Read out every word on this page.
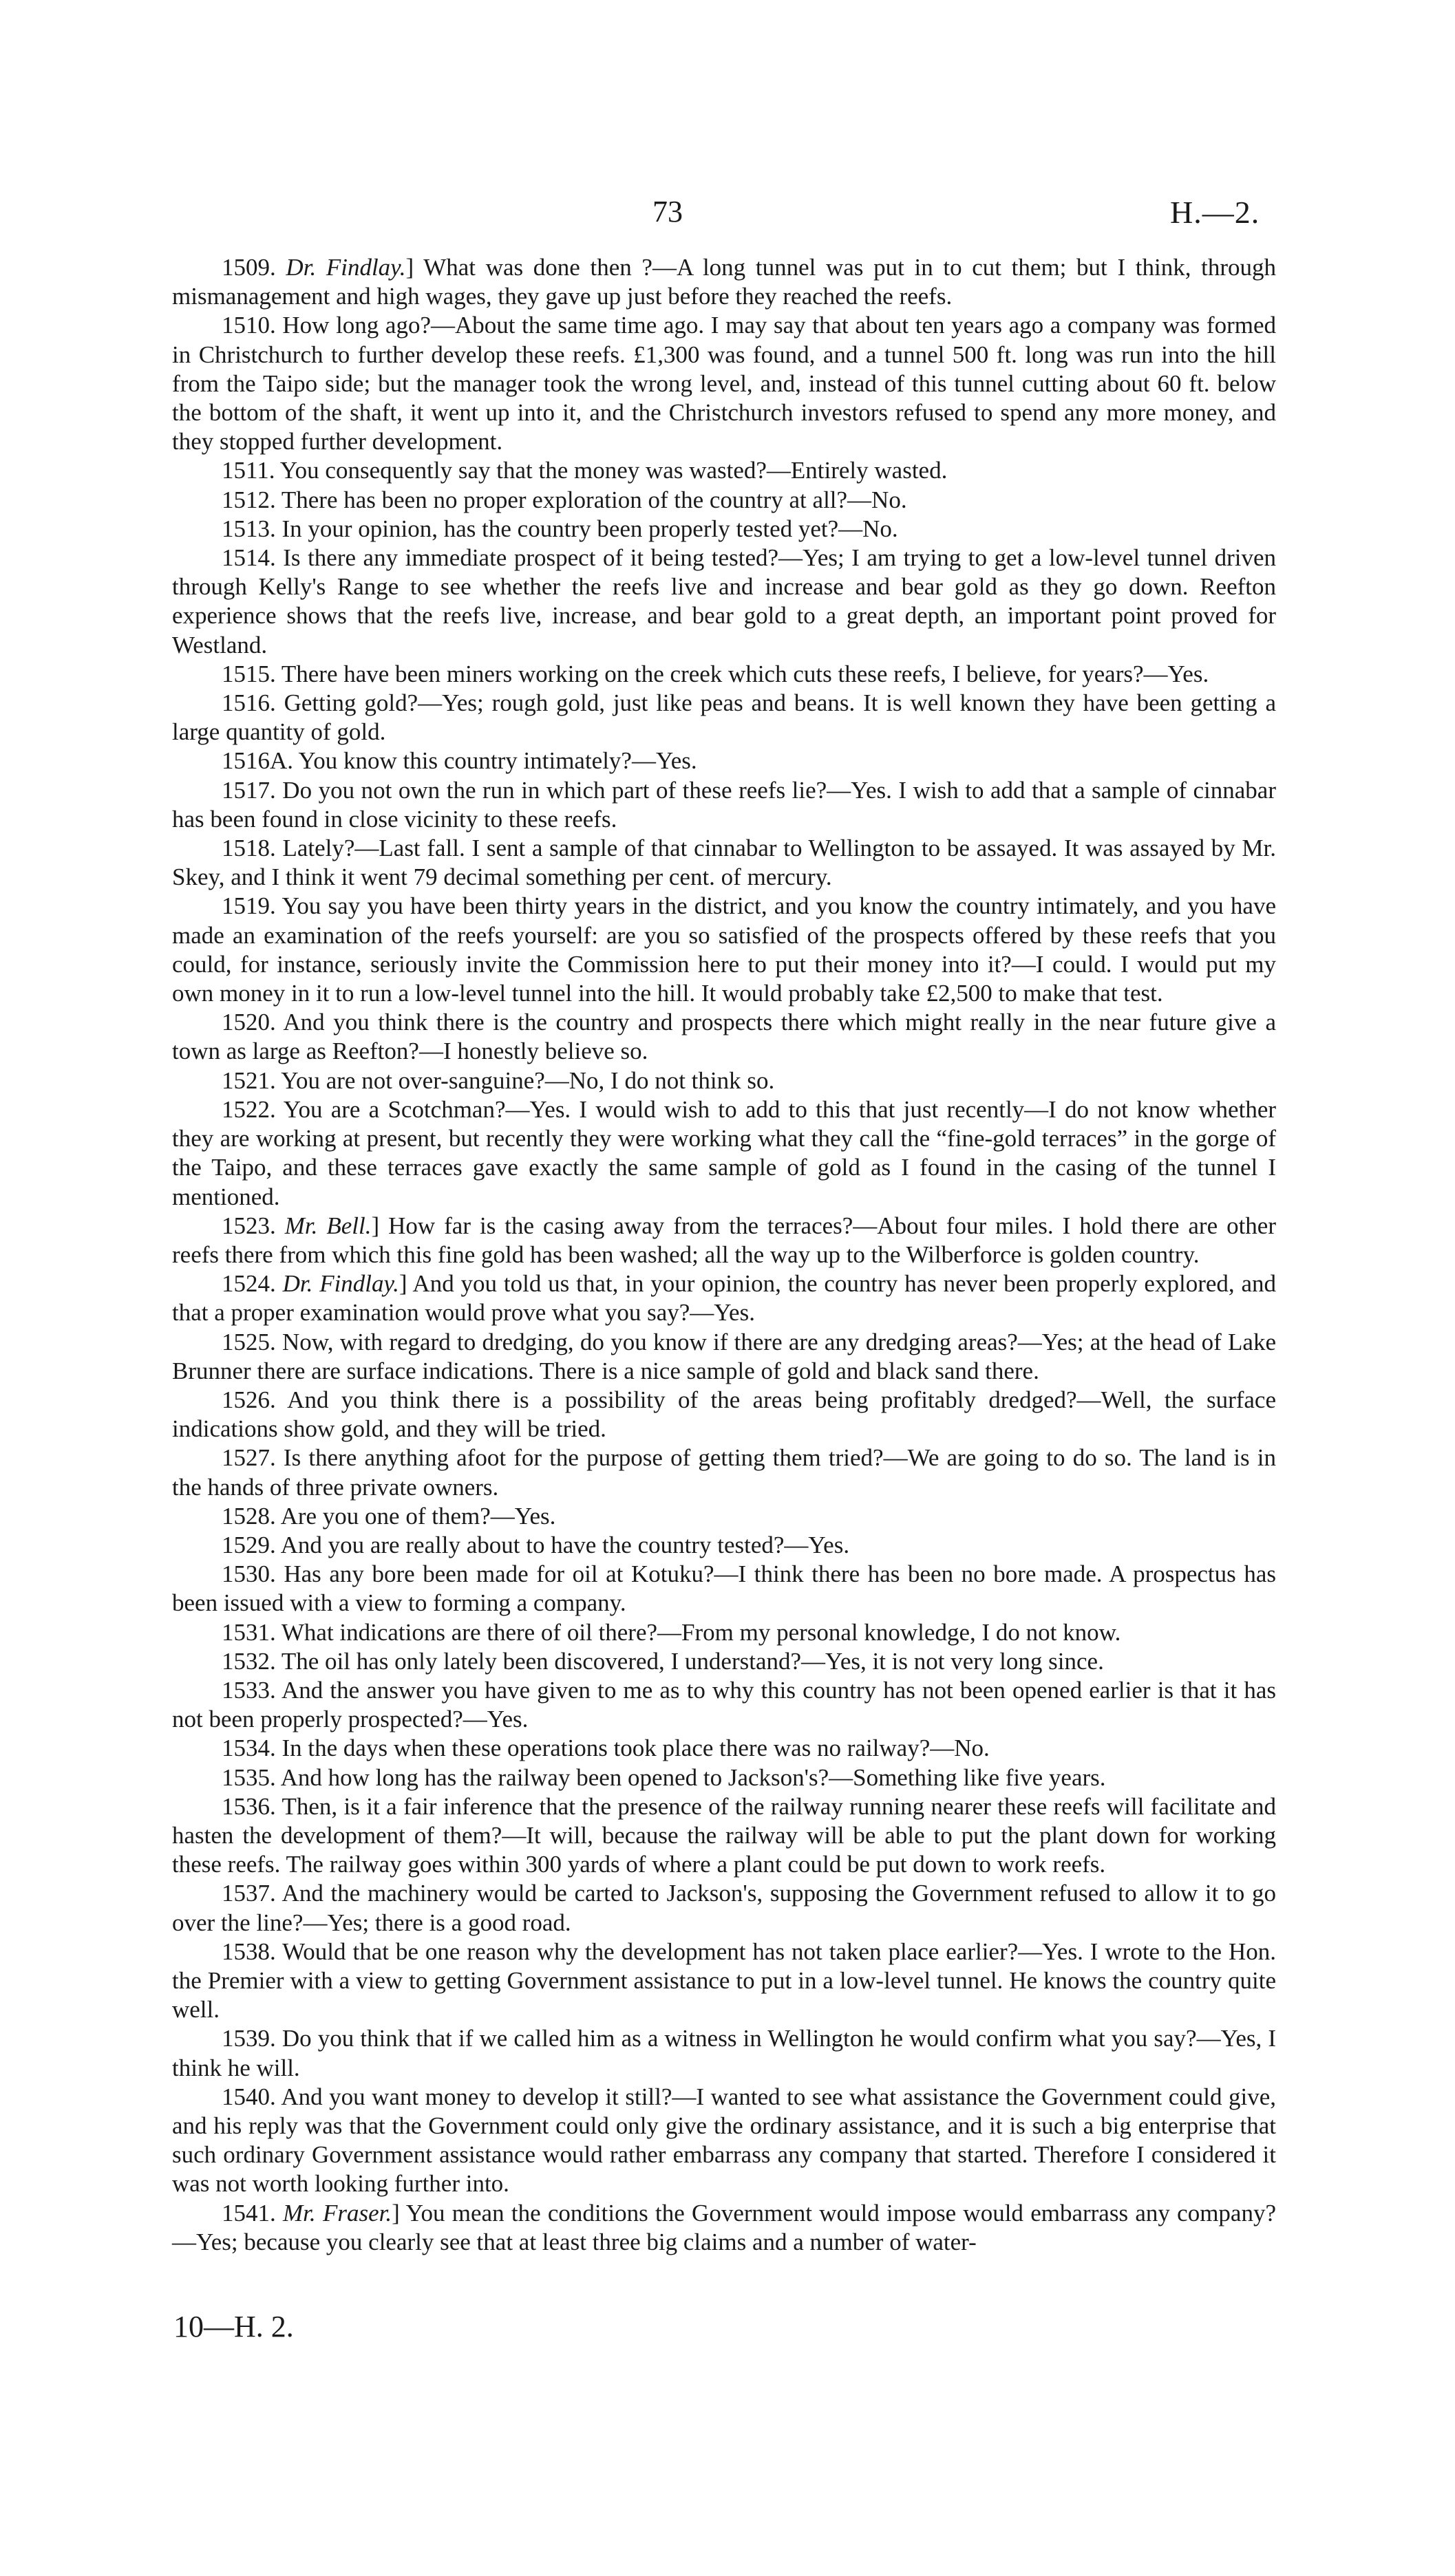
73	H.—2.

1509. Dr. Findlay.] What was done then ?—A long tunnel was put in to cut them; but I think, through mismanagement and high wages, they gave up just before they reached the reefs.

1510. How long ago?—About the same time ago. I may say that about ten years ago a company was formed in Christchurch to further develop these reefs. £1,300 was found, and a tunnel 500 ft. long was run into the hill from the Taipo side; but the manager took the wrong level, and, instead of this tunnel cutting about 60 ft. below the bottom of the shaft, it went up into it, and the Christchurch investors refused to spend any more money, and they stopped further development.

1511. You consequently say that the money was wasted?—Entirely wasted.

1512. There has been no proper exploration of the country at all?—No.

1513. In your opinion, has the country been properly tested yet?—No.

1514. Is there any immediate prospect of it being tested?—Yes; I am trying to get a low-level tunnel driven through Kelly's Range to see whether the reefs live and increase and bear gold as they go down. Reefton experience shows that the reefs live, increase, and bear gold to a great depth, an important point proved for Westland.

1515. There have been miners working on the creek which cuts these reefs, I believe, for years?—Yes.

1516. Getting gold?—Yes; rough gold, just like peas and beans. It is well known they have been getting a large quantity of gold.

1516A. You know this country intimately?—Yes.

1517. Do you not own the run in which part of these reefs lie?—Yes. I wish to add that a sample of cinnabar has been found in close vicinity to these reefs.

1518. Lately?—Last fall. I sent a sample of that cinnabar to Wellington to be assayed. It was assayed by Mr. Skey, and I think it went 79 decimal something per cent. of mercury.

1519. You say you have been thirty years in the district, and you know the country intimately, and you have made an examination of the reefs yourself: are you so satisfied of the prospects offered by these reefs that you could, for instance, seriously invite the Commission here to put their money into it?—I could. I would put my own money in it to run a low-level tunnel into the hill. It would probably take £2,500 to make that test.

1520. And you think there is the country and prospects there which might really in the near future give a town as large as Reefton?—I honestly believe so.

1521. You are not over-sanguine?—No, I do not think so.

1522. You are a Scotchman?—Yes. I would wish to add to this that just recently—I do not know whether they are working at present, but recently they were working what they call the “fine-gold terraces” in the gorge of the Taipo, and these terraces gave exactly the same sample of gold as I found in the casing of the tunnel I mentioned.

1523. Mr. Bell.] How far is the casing away from the terraces?—About four miles. I hold there are other reefs there from which this fine gold has been washed; all the way up to the Wilberforce is golden country.

1524. Dr. Findlay.] And you told us that, in your opinion, the country has never been properly explored, and that a proper examination would prove what you say?—Yes.

1525. Now, with regard to dredging, do you know if there are any dredging areas?—Yes; at the head of Lake Brunner there are surface indications. There is a nice sample of gold and black sand there.

1526. And you think there is a possibility of the areas being profitably dredged?—Well, the surface indications show gold, and they will be tried.

1527. Is there anything afoot for the purpose of getting them tried?—We are going to do so. The land is in the hands of three private owners.

1528. Are you one of them?—Yes.

1529. And you are really about to have the country tested?—Yes.

1530. Has any bore been made for oil at Kotuku?—I think there has been no bore made. A prospectus has been issued with a view to forming a company.

1531. What indications are there of oil there?—From my personal knowledge, I do not know.

1532. The oil has only lately been discovered, I understand?—Yes, it is not very long since.

1533. And the answer you have given to me as to why this country has not been opened earlier is that it has not been properly prospected?—Yes.

1534. In the days when these operations took place there was no railway?—No.

1535. And how long has the railway been opened to Jackson's?—Something like five years.

1536. Then, is it a fair inference that the presence of the railway running nearer these reefs will facilitate and hasten the development of them?—It will, because the railway will be able to put the plant down for working these reefs. The railway goes within 300 yards of where a plant could be put down to work reefs.

1537. And the machinery would be carted to Jackson's, supposing the Government refused to allow it to go over the line?—Yes; there is a good road.

1538. Would that be one reason why the development has not taken place earlier?—Yes. I wrote to the Hon. the Premier with a view to getting Government assistance to put in a low-level tunnel. He knows the country quite well.

1539. Do you think that if we called him as a witness in Wellington he would confirm what you say?—Yes, I think he will.

1540. And you want money to develop it still?—I wanted to see what assistance the Government could give, and his reply was that the Government could only give the ordinary assistance, and it is such a big enterprise that such ordinary Government assistance would rather embarrass any company that started. Therefore I considered it was not worth looking further into.

1541. Mr. Fraser.] You mean the conditions the Government would impose would embarrass any company?—Yes; because you clearly see that at least three big claims and a number of water-

10—H. 2.
